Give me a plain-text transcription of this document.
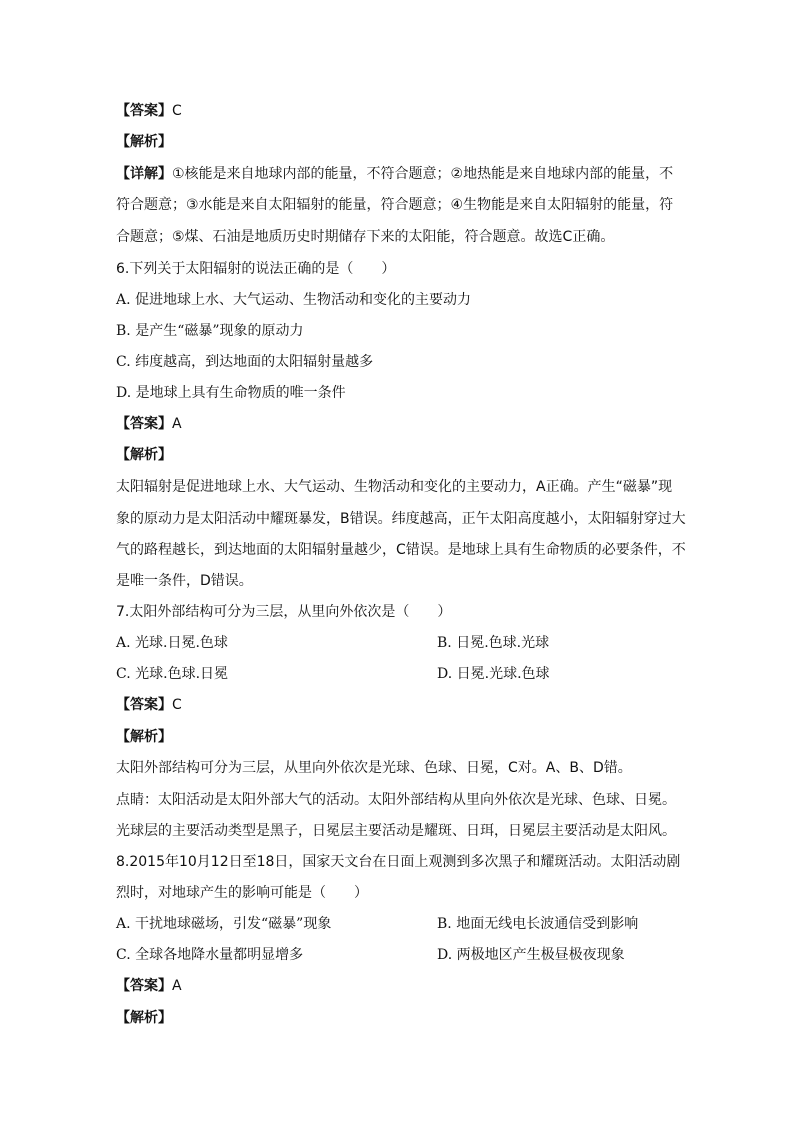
【答案】C
【解析】
【详解】①核能是来自地球内部的能量，不符合题意；②地热能是来自地球内部的能量，不
符合题意；③水能是来自太阳辐射的能量，符合题意；④生物能是来自太阳辐射的能量，符
合题意；⑤煤、石油是地质历史时期储存下来的太阳能，符合题意。故选C正确。
6.下列关于太阳辐射的说法正确的是（　　）
A. 促进地球上水、大气运动、生物活动和变化的主要动力
B. 是产生“磁暴”现象的原动力
C. 纬度越高，到达地面的太阳辐射量越多
D. 是地球上具有生命物质的唯一条件
【答案】A
【解析】
太阳辐射是促进地球上水、大气运动、生物活动和变化的主要动力，A正确。产生“磁暴”现
象的原动力是太阳活动中耀斑暴发，B错误。纬度越高，正午太阳高度越小，太阳辐射穿过大
气的路程越长，到达地面的太阳辐射量越少，C错误。是地球上具有生命物质的必要条件，不
是唯一条件，D错误。
7.太阳外部结构可分为三层，从里向外依次是（　　）
A. 光球.日冕.色球	B. 日冕.色球.光球
C. 光球.色球.日冕	D. 日冕.光球.色球
【答案】C
【解析】
太阳外部结构可分为三层，从里向外依次是光球、色球、日冕，C对。A、B、D错。
点睛：太阳活动是太阳外部大气的活动。太阳外部结构从里向外依次是光球、色球、日冕。
光球层的主要活动类型是黑子，日冕层主要活动是耀斑、日珥，日冕层主要活动是太阳风。
8.2015年10月12日至18日，国家天文台在日面上观测到多次黑子和耀斑活动。太阳活动剧
烈时，对地球产生的影响可能是（　　）
A. 干扰地球磁场，引发“磁暴”现象	B. 地面无线电长波通信受到影响
C. 全球各地降水量都明显增多	D. 两极地区产生极昼极夜现象
【答案】A
【解析】
